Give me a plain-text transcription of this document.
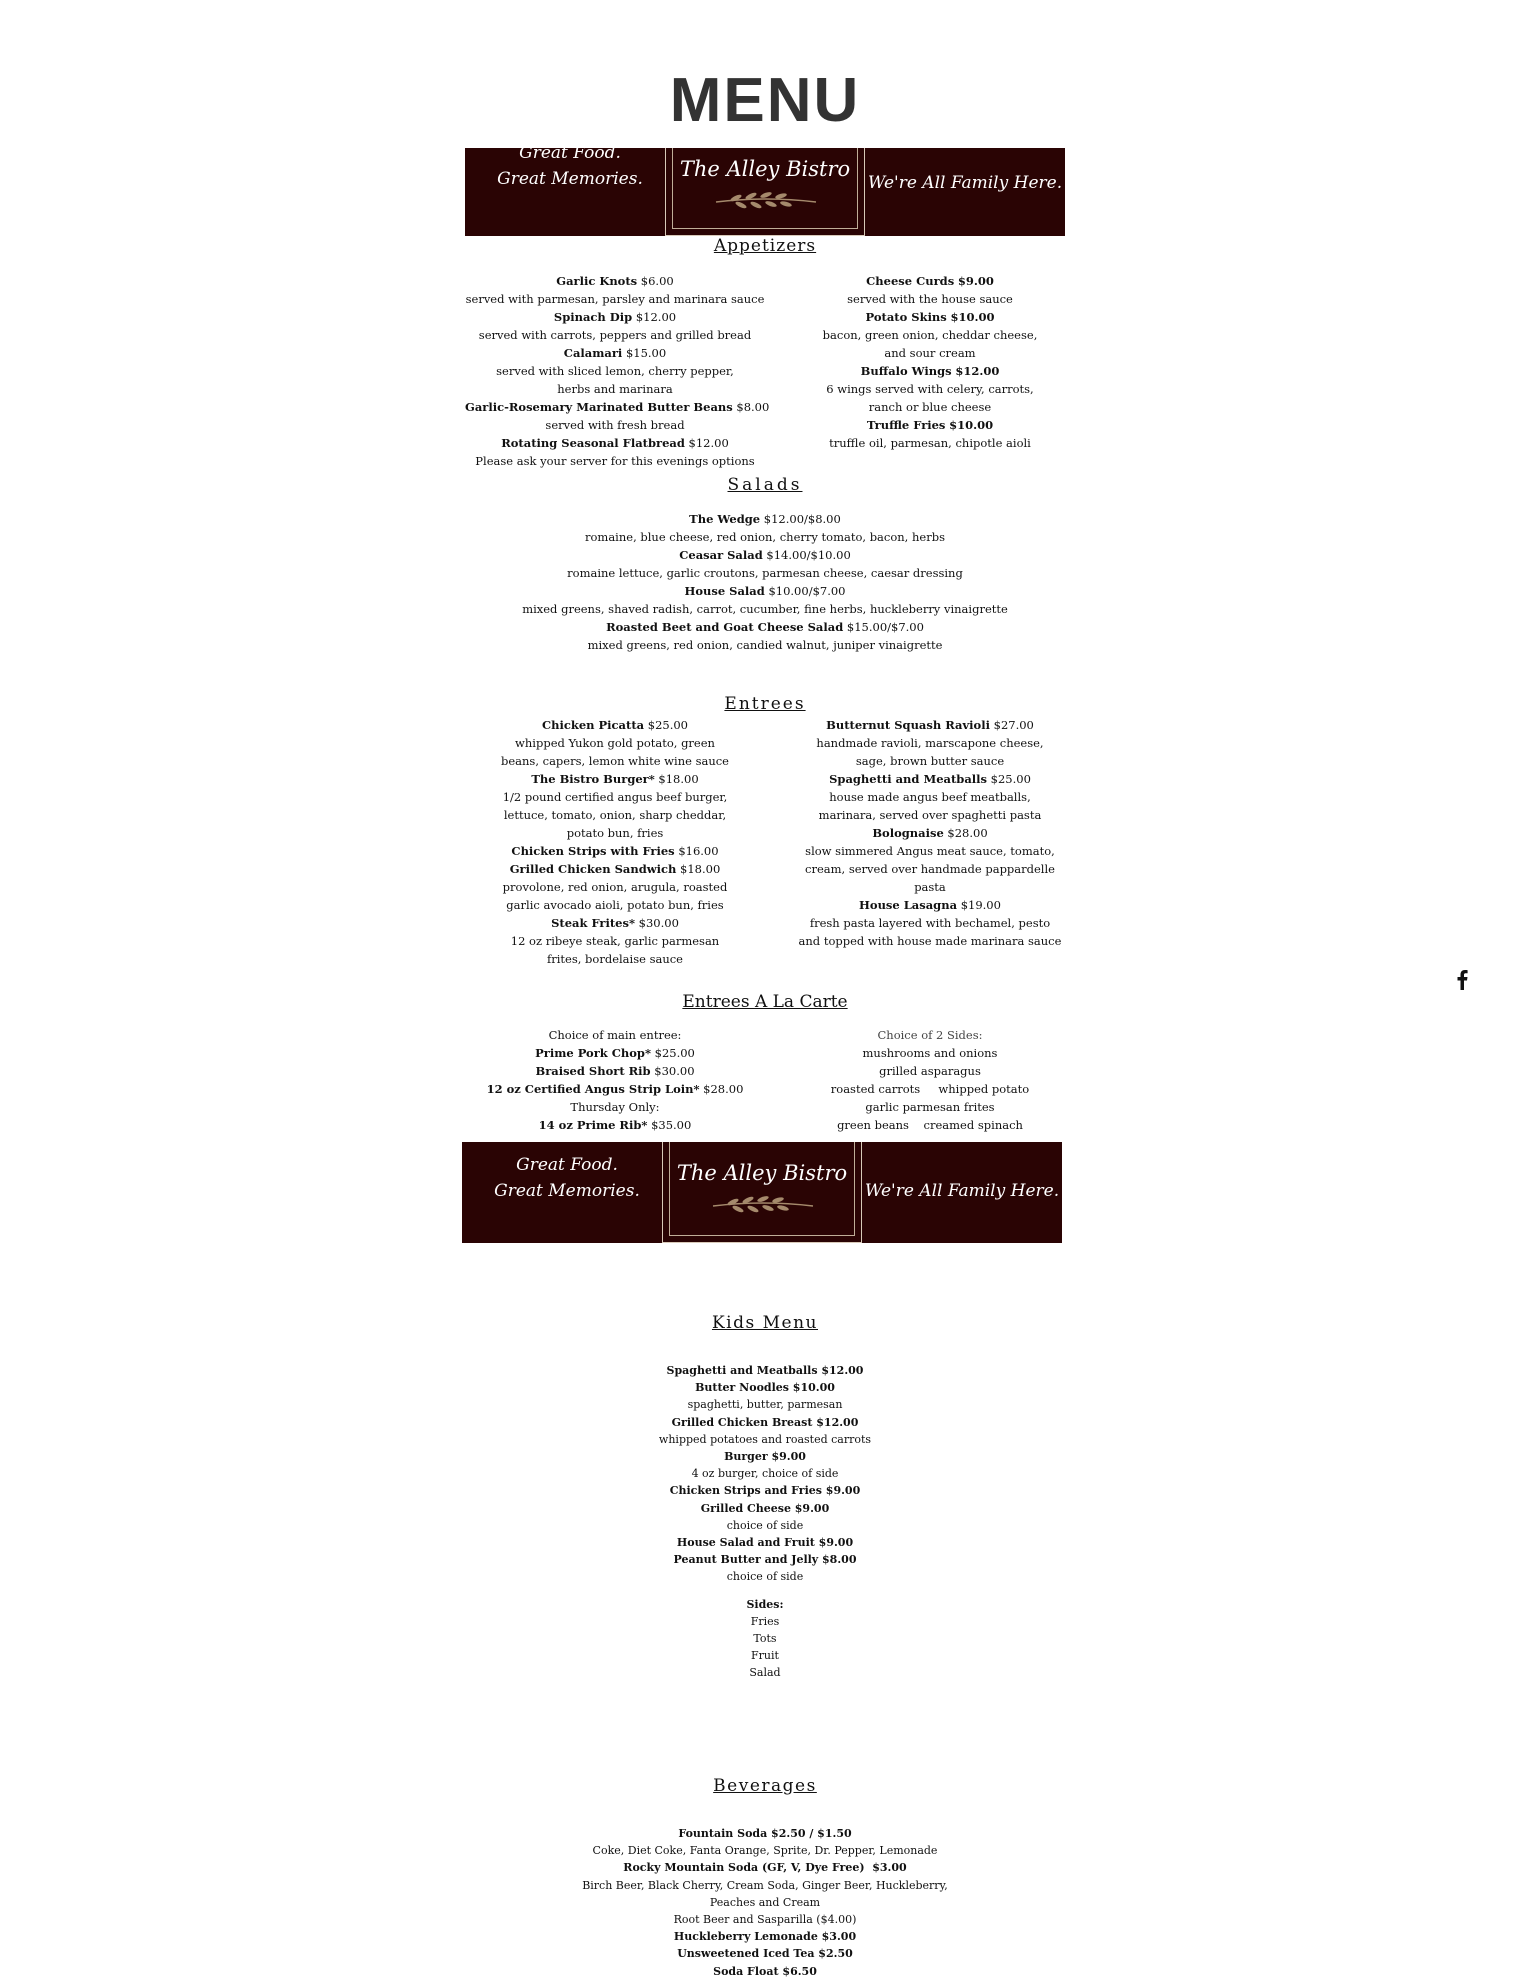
MENU
Great Food.
Great Memories.	The Alley Bistro
We're All Family Here.
Appetizers
Garlic Knots $6.00
served with parmesan, parsley and marinara sauce
Spinach Dip $12.00
served with carrots, peppers and grilled bread
Calamari $15.00
served with sliced lemon, cherry pepper,
herbs and marinara
Garlic-Rosemary Marinated Butter Beans $8.00
served with fresh bread
Rotating Seasonal Flatbread $12.00
Please ask your server for this evenings options
Cheese Curds $9.00
served with the house sauce
Potato Skins $10.00
bacon, green onion, cheddar cheese,
and sour cream
Buffalo Wings $12.00
6 wings served with celery, carrots,
ranch or blue cheese
Truffle Fries $10.00
truffle oil, parmesan, chipotle aioli
Salads
The Wedge $12.00/$8.00
romaine, blue cheese, red onion, cherry tomato, bacon, herbs
Ceasar Salad $14.00/$10.00
romaine lettuce, garlic croutons, parmesan cheese, caesar dressing
House Salad $10.00/$7.00
mixed greens, shaved radish, carrot, cucumber, fine herbs, huckleberry vinaigrette
Roasted Beet and Goat Cheese Salad $15.00/$7.00
mixed greens, red onion, candied walnut, juniper vinaigrette
Entrees
Chicken Picatta $25.00
whipped Yukon gold potato, green
beans, capers, lemon white wine sauce
The Bistro Burger* $18.00
1/2 pound certified angus beef burger,
lettuce, tomato, onion, sharp cheddar,
potato bun, fries
Chicken Strips with Fries $16.00
Grilled Chicken Sandwich $18.00
provolone, red onion, arugula, roasted
garlic avocado aioli, potato bun, fries
Steak Frites* $30.00
12 oz ribeye steak, garlic parmesan
frites, bordelaise sauce
Butternut Squash Ravioli $27.00
handmade ravioli, marscapone cheese,
sage, brown butter sauce
Spaghetti and Meatballs $25.00
house made angus beef meatballs,
marinara, served over spaghetti pasta
Bolognaise $28.00
slow simmered Angus meat sauce, tomato,
cream, served over handmade pappardelle
pasta
House Lasagna $19.00
fresh pasta layered with bechamel, pesto
and topped with house made marinara sauce
Entrees A La Carte
Choice of main entree:
Prime Pork Chop* $25.00
Braised Short Rib $30.00
12 oz Certified Angus Strip Loin* $28.00
Thursday Only:
14 oz Prime Rib* $35.00
Choice of 2 Sides:
mushrooms and onions
grilled asparagus
roasted carrots     whipped potato
garlic parmesan frites
green beans    creamed spinach
Great Food.
Great Memories.
The Alley Bistro
We're All Family Here.
Kids Menu
Spaghetti and Meatballs $12.00
Butter Noodles $10.00
spaghetti, butter, parmesan
Grilled Chicken Breast $12.00
whipped potatoes and roasted carrots
Burger $9.00
4 oz burger, choice of side
Chicken Strips and Fries $9.00
Grilled Cheese $9.00
choice of side
House Salad and Fruit $9.00
Peanut Butter and Jelly $8.00
choice of side
Sides:
Fries
Tots
Fruit
Salad
Beverages
Fountain Soda $2.50 / $1.50
Coke, Diet Coke, Fanta Orange, Sprite, Dr. Pepper, Lemonade
Rocky Mountain Soda (GF, V, Dye Free)  $3.00
Birch Beer, Black Cherry, Cream Soda, Ginger Beer, Huckleberry,
Peaches and Cream
Root Beer and Sasparilla ($4.00)
Huckleberry Lemonade $3.00
Unsweetened Iced Tea $2.50
Soda Float $6.50
